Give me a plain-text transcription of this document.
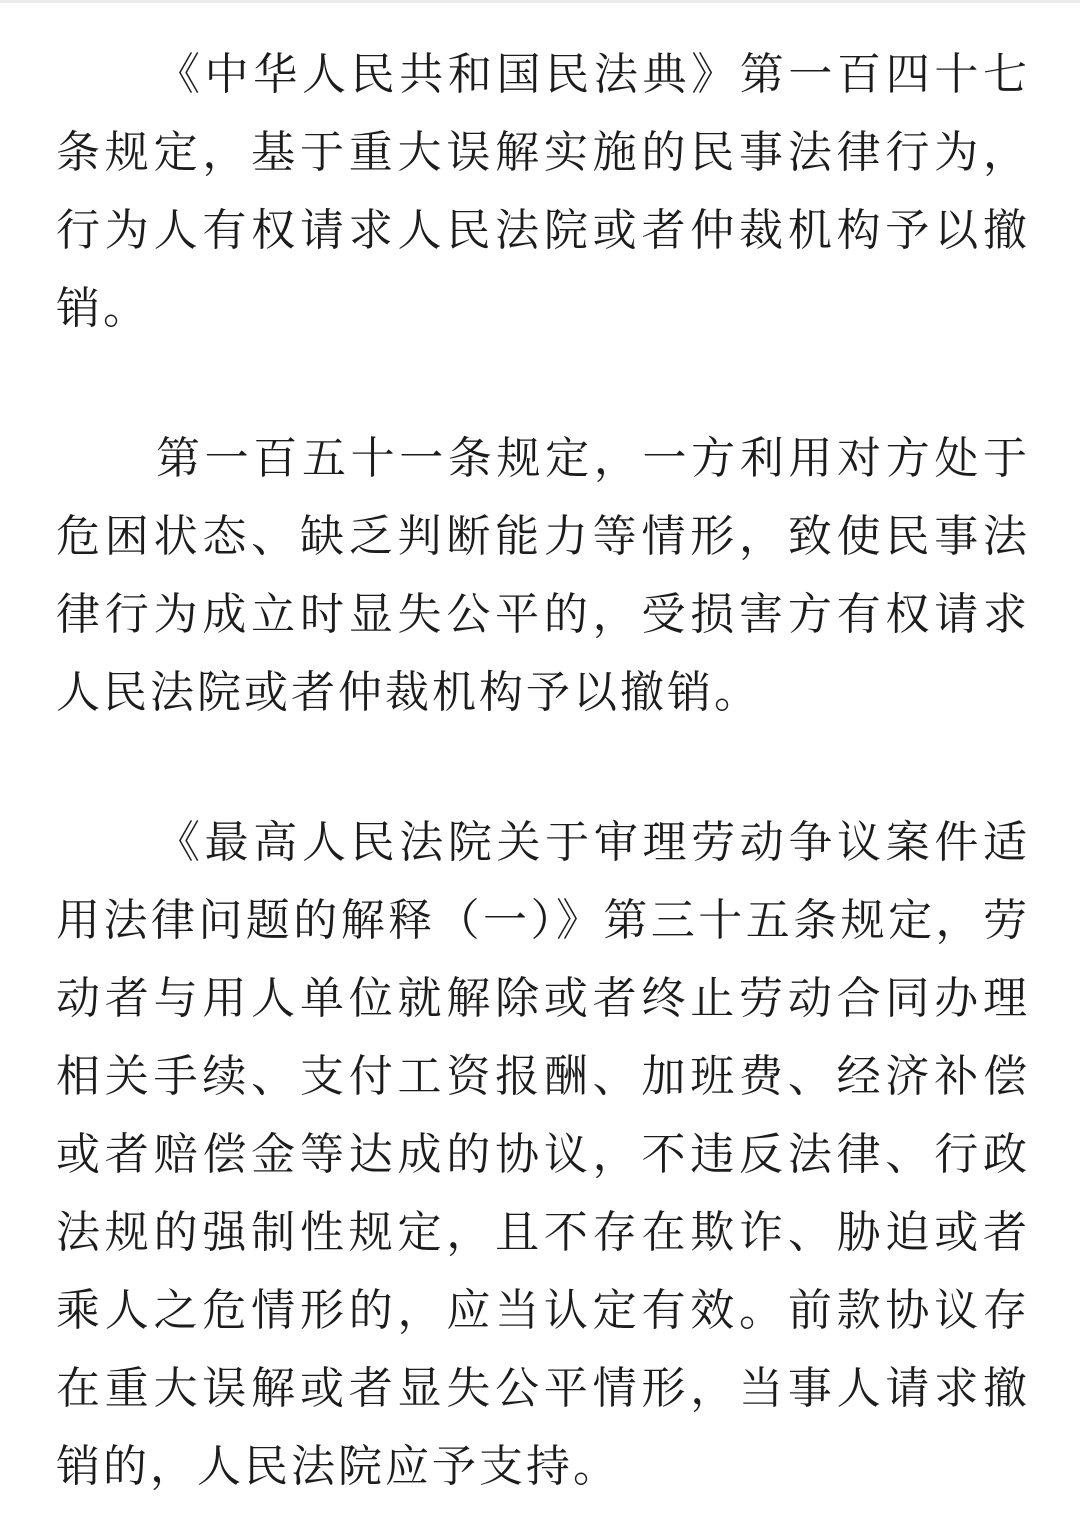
《中华人民共和国民法典》第一百四十七条规定，基于重大误解实施的民事法律行为，行为人有权请求人民法院或者仲裁机构予以撤销。

第一百五十一条规定，一方利用对方处于危困状态、缺乏判断能力等情形，致使民事法律行为成立时显失公平的，受损害方有权请求人民法院或者仲裁机构予以撤销。

《最高人民法院关于审理劳动争议案件适用法律问题的解释（一）》第三十五条规定，劳动者与用人单位就解除或者终止劳动合同办理相关手续、支付工资报酬、加班费、经济补偿或者赔偿金等达成的协议，不违反法律、行政法规的强制性规定，且不存在欺诈、胁迫或者乘人之危情形的，应当认定有效。前款协议存在重大误解或者显失公平情形，当事人请求撤销的，人民法院应予支持。
